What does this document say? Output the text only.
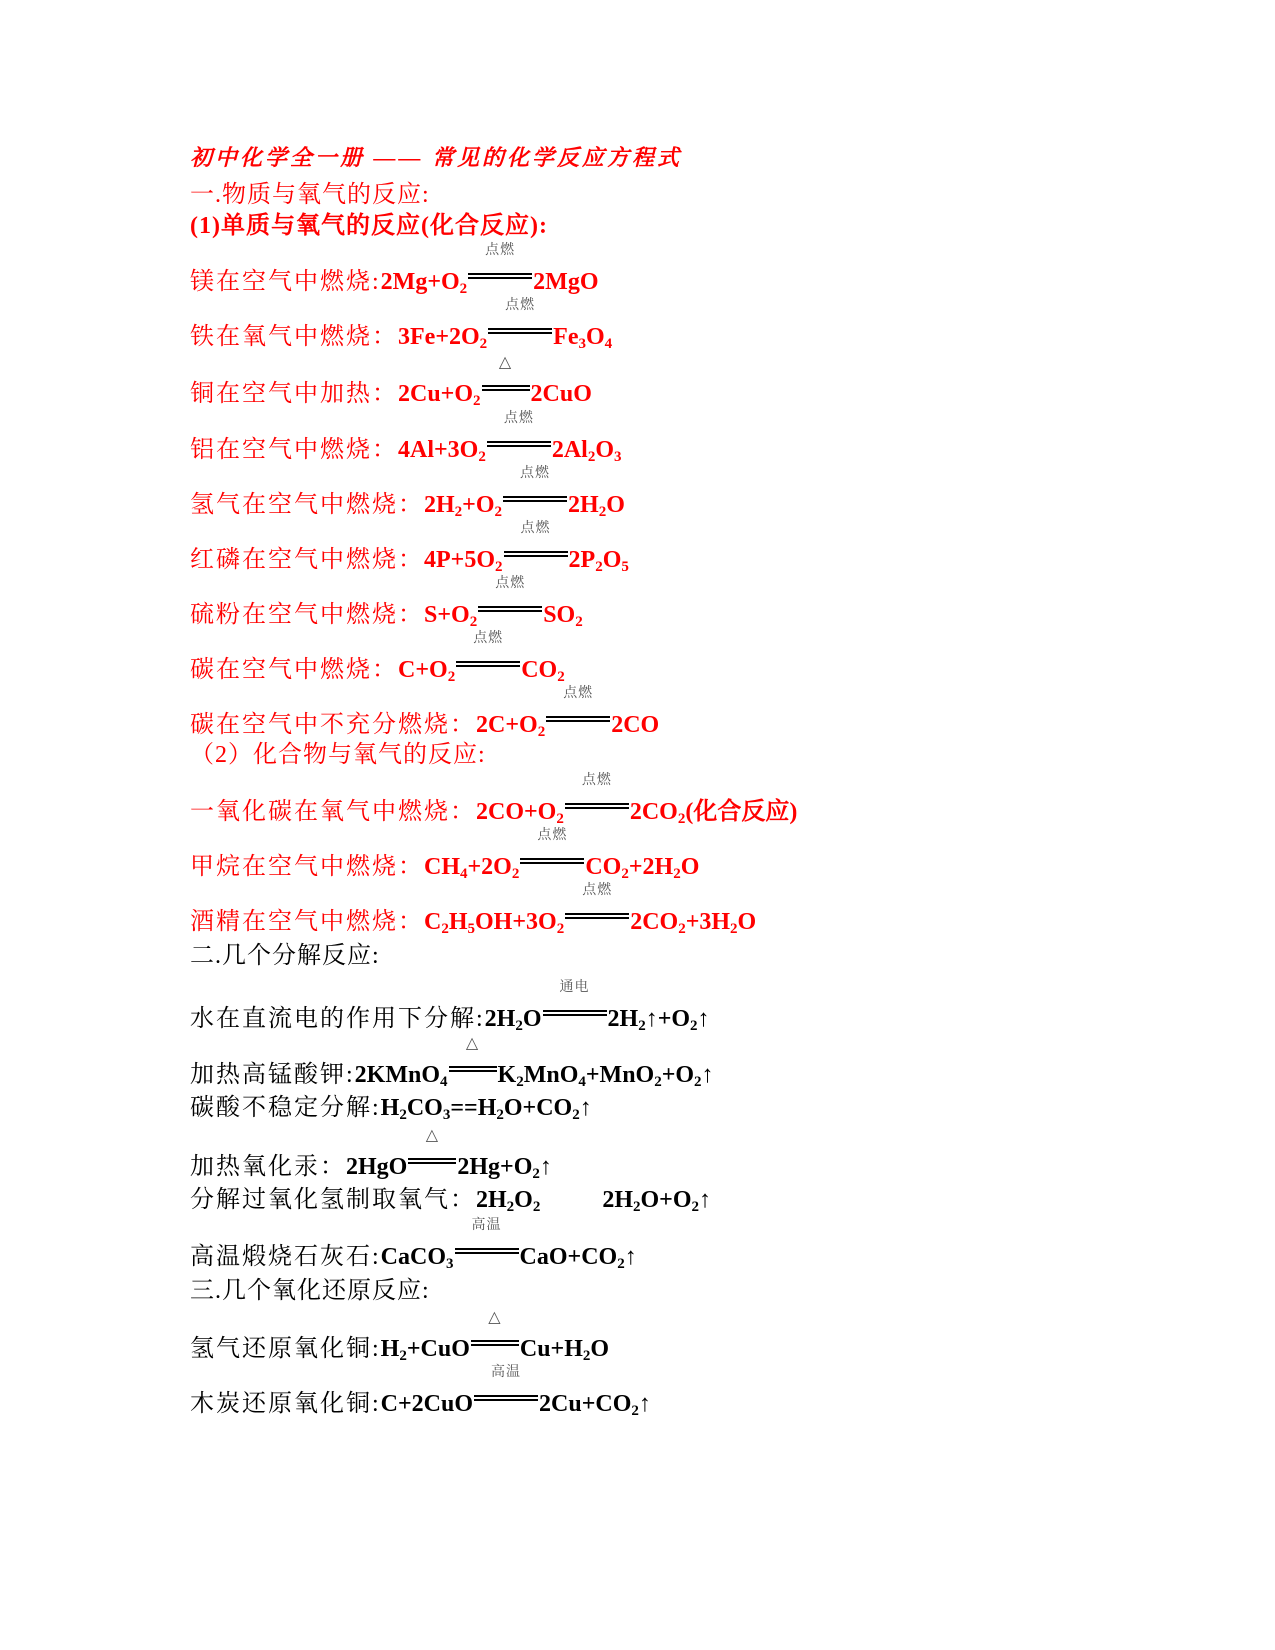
初中化学全一册 —— 常见的化学反应方程式
一.物质与氧气的反应:
(1)单质与氧气的反应(化合反应):
镁在空气中燃烧$:2Mg+O_2$
点燃
2MgO
铁在氧气中燃烧：$3Fe+2O_2$
点燃
$Fe_3O_4$
铜在空气中加热：$2Cu+O_2$
△
2CuO
铝在空气中燃烧：$4Al+3O_2$
点燃
$2Al_2O_3$
氢气在空气中燃烧：$2H_2+O_2$
点燃
$2H_2O$
红磷在空气中燃烧：$4P+5O_2$
点燃
$2P_2O_5$
硫粉在空气中燃烧：$S+O_2$
点燃
$SO_2$
碳在空气中燃烧：$C+O_2$
点燃
$CO_2$
碳在空气中不充分燃烧：$2C+O_2$
点燃
2CO
（2）化合物与氧气的反应:
一氧化碳在氧气中燃烧：$2CO+O_2$
点燃
$2CO_2$(化合反应)
甲烷在空气中燃烧：$CH_4+2O_2$
点燃
$CO_2+2H_2O$
酒精在空气中燃烧：$C_2H_5OH+3O_2$
点燃
$2CO_2+3H_2O$
二.几个分解反应:
水在直流电的作用下分解$:2H_2O$
通电
$2H_2↑+O_2↑$
加热高锰酸钾:2KMnO$_4$
△
$K_2MnO_4+MnO_2+O_2↑$
碳酸不稳定分解$:H_2CO_3==H_2O+CO_2↑$
加热氧化汞：2HgO
△
$2Hg+O_2↑$
分解过氧化氢制取氧气：$2H_2O_2$	$2H_2O+O_2↑$
高温煅烧石灰石:CaCO$_3$
高温
$CaO+CO_2↑$
三.几个氧化还原反应:
氢气还原氧化铜$:H_2+CuO$
△
$Cu+H_2O$
木炭还原氧化铜:C+2CuO
高温
$2Cu+CO_2↑$
